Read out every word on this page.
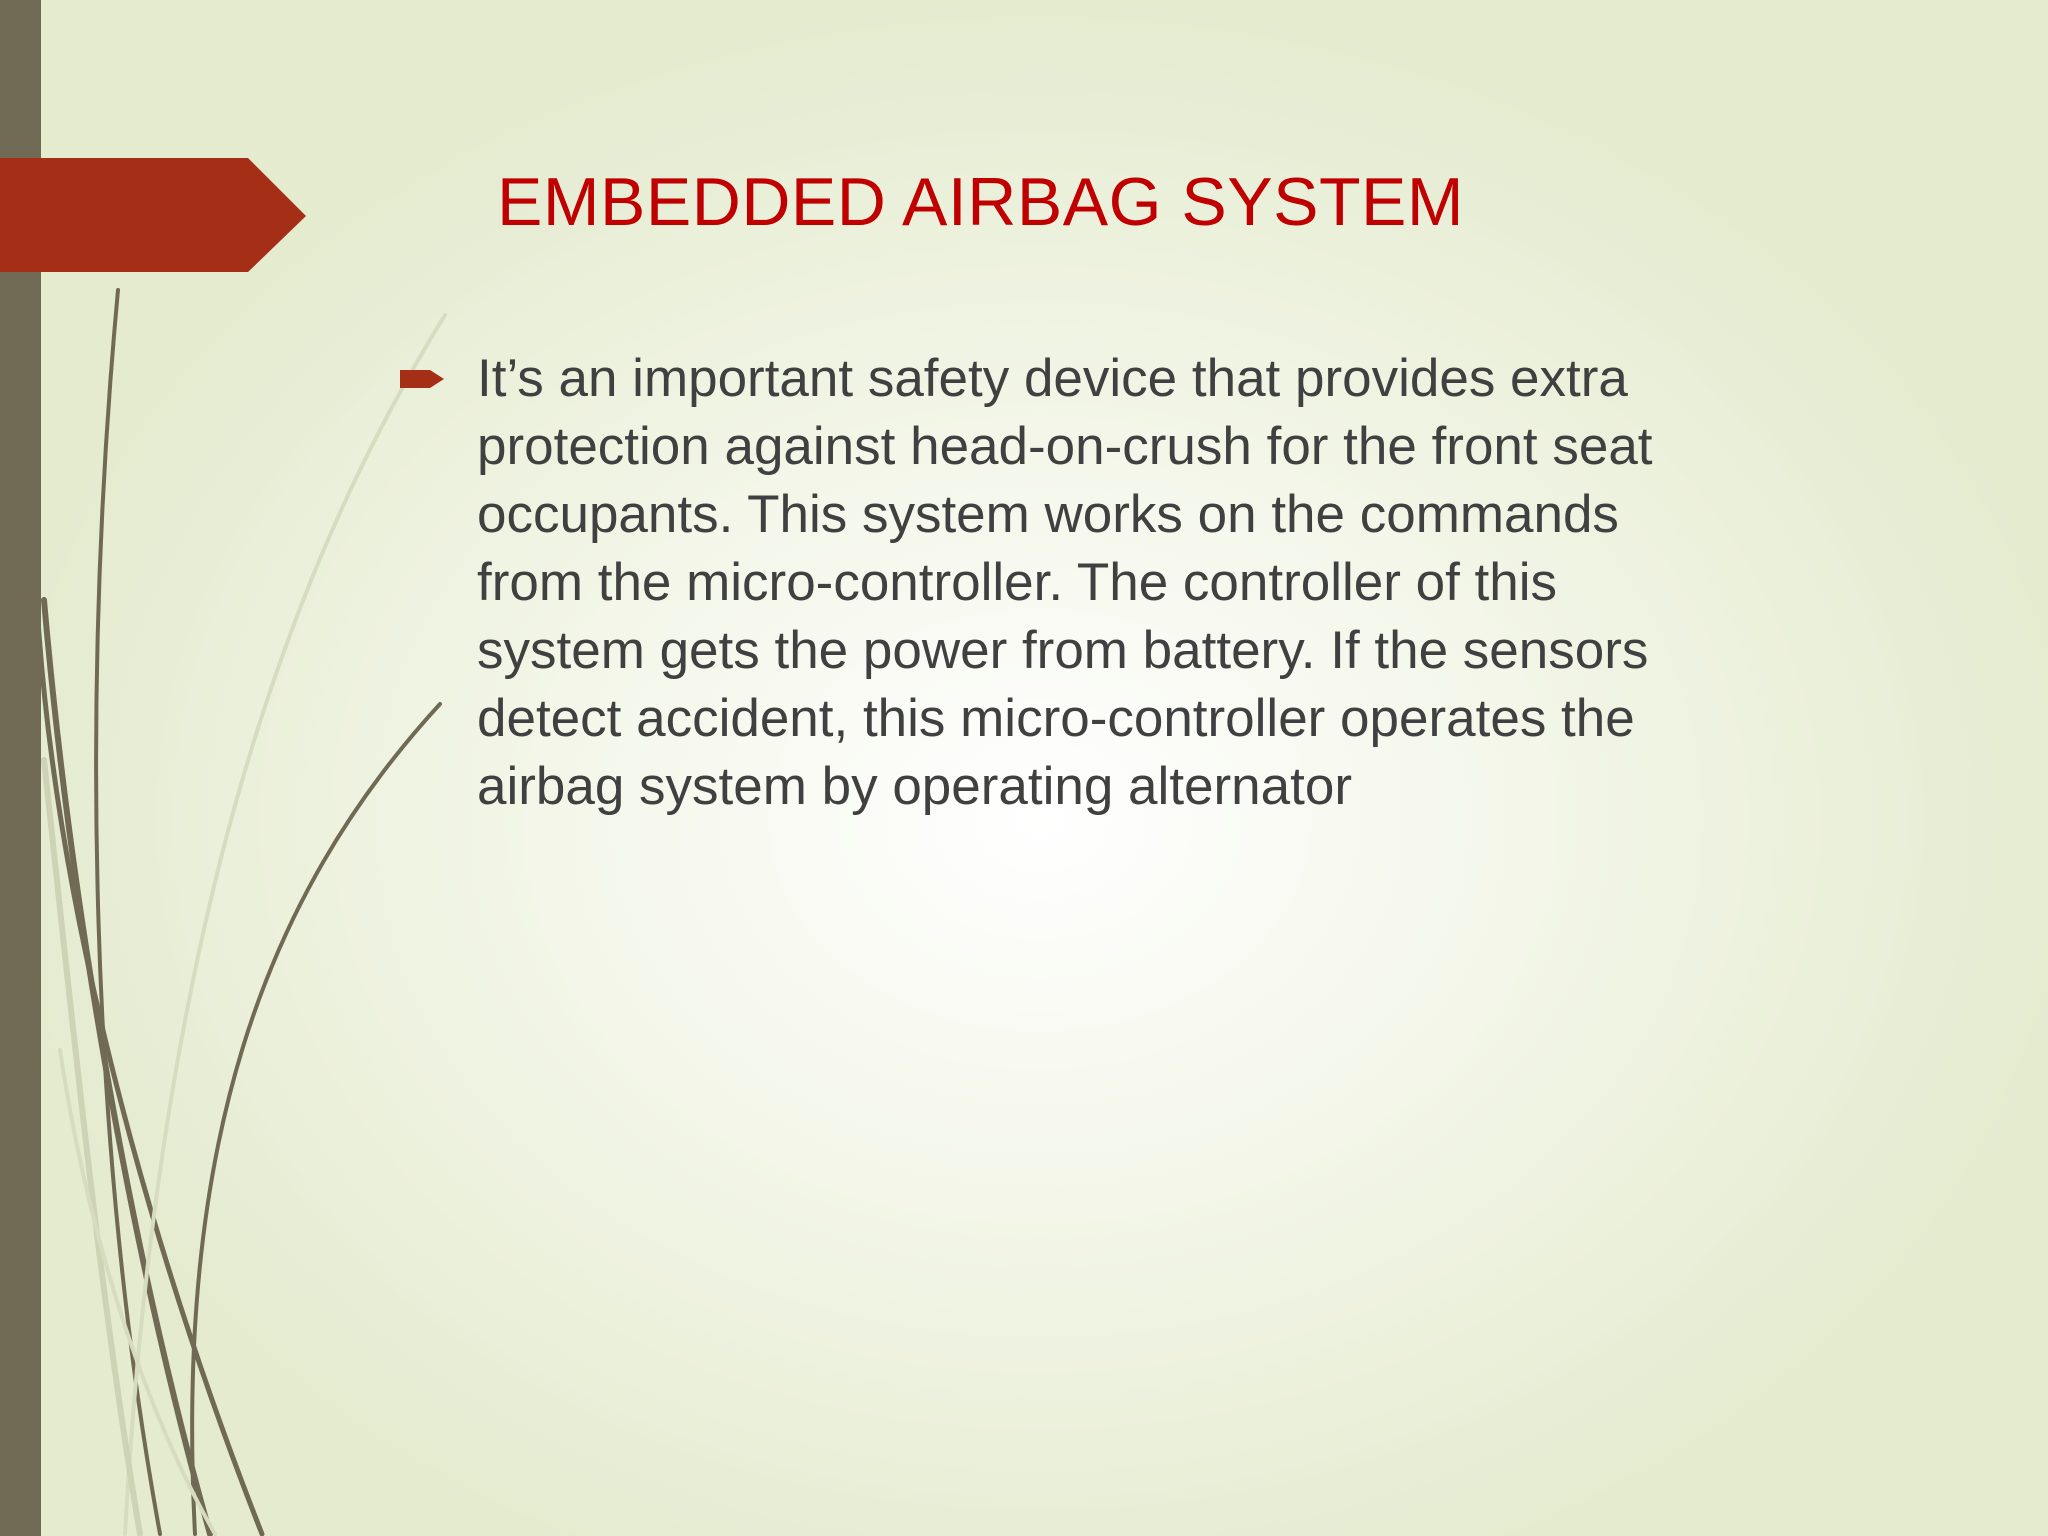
EMBEDDED AIRBAG SYSTEM
It’s an important safety device that provides extra protection against head-on-crush for the front seat occupants. This system works on the commands from the micro-controller. The controller of this system gets the power from battery. If the sensors detect accident, this micro-controller operates the airbag system by operating alternator
